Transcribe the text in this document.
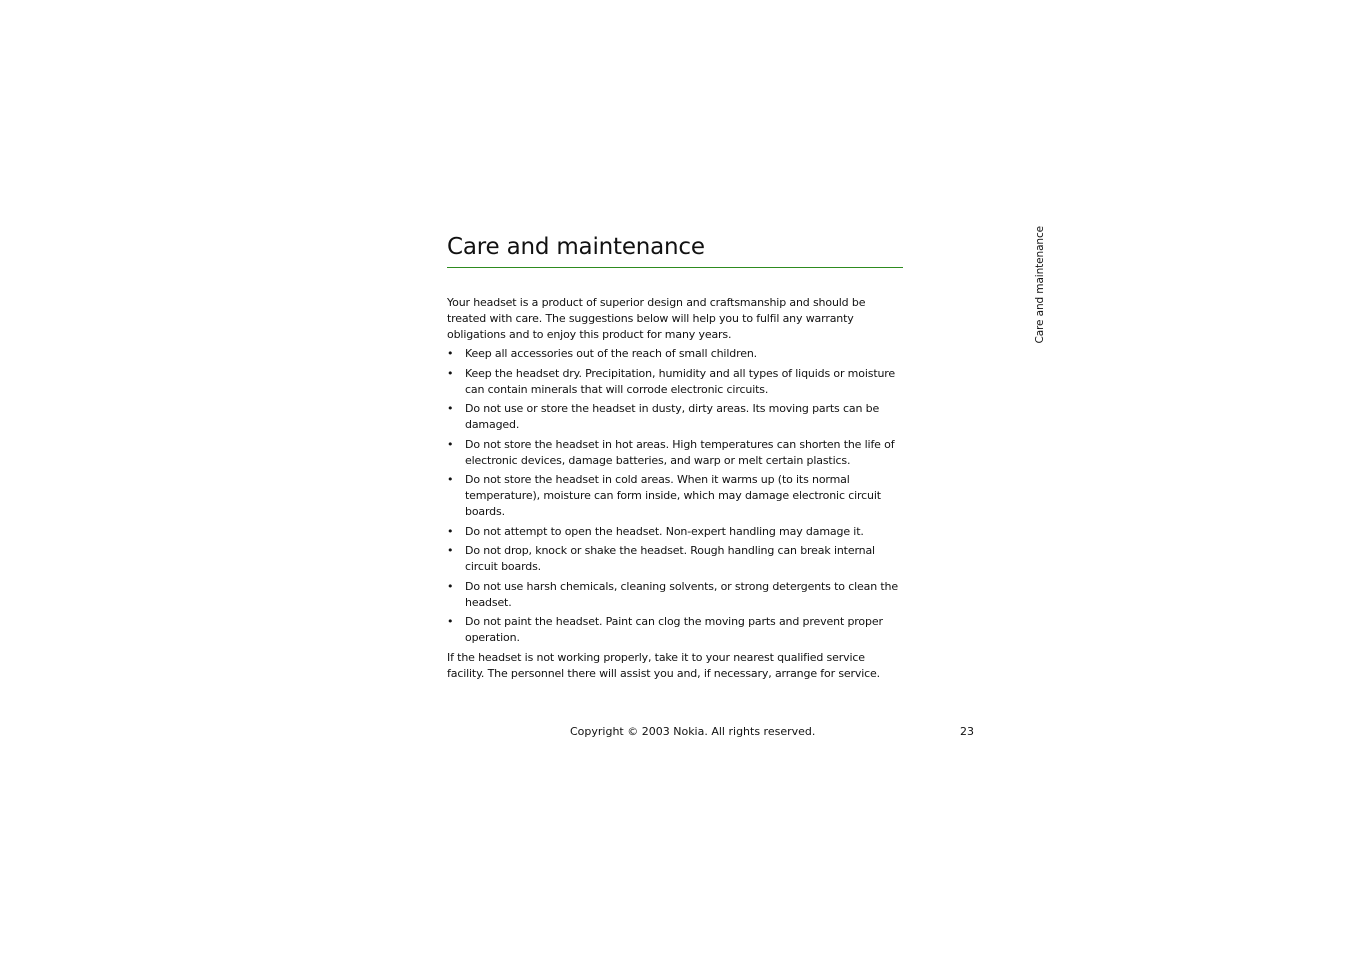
Care and maintenance
Care and maintenance

Your headset is a product of superior design and craftsmanship and should be treated with care. The suggestions below will help you to fulfil any warranty obligations and to enjoy this product for many years.

•	Keep all accessories out of the reach of small children.
•	Keep the headset dry. Precipitation, humidity and all types of liquids or moisture can contain minerals that will corrode electronic circuits.
•	Do not use or store the headset in dusty, dirty areas. Its moving parts can be damaged.
•	Do not store the headset in hot areas. High temperatures can shorten the life of electronic devices, damage batteries, and warp or melt certain plastics.
•	Do not store the headset in cold areas. When it warms up (to its normal temperature), moisture can form inside, which may damage electronic circuit boards.
•	Do not attempt to open the headset. Non-expert handling may damage it.
•	Do not drop, knock or shake the headset. Rough handling can break internal circuit boards.
•	Do not use harsh chemicals, cleaning solvents, or strong detergents to clean the headset.
•	Do not paint the headset. Paint can clog the moving parts and prevent proper operation.

If the headset is not working properly, take it to your nearest qualified service facility. The personnel there will assist you and, if necessary, arrange for service.

Copyright © 2003 Nokia. All rights reserved.	23
